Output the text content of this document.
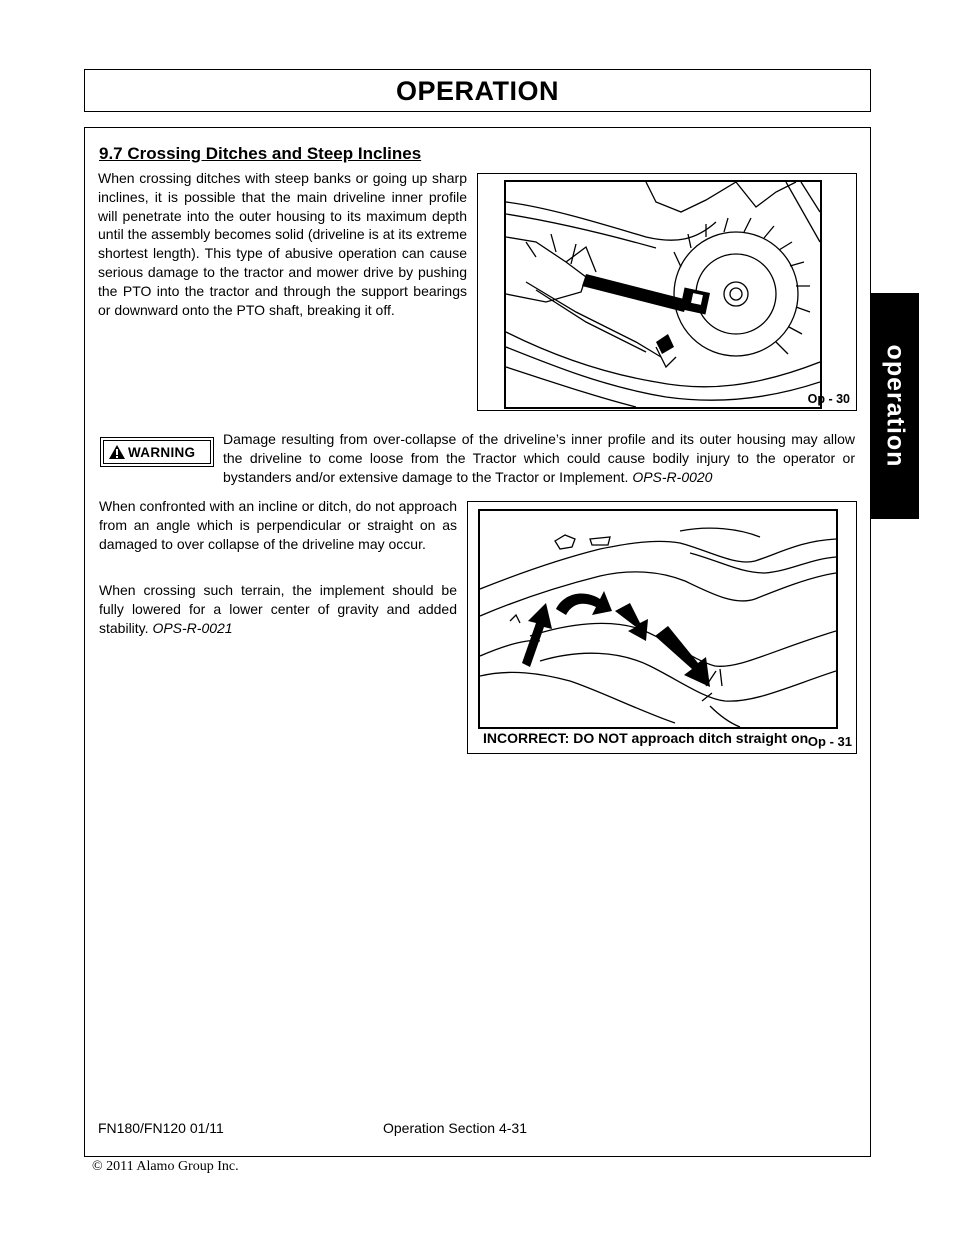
OPERATION
9.7 Crossing Ditches and Steep Inclines

When crossing ditches with steep banks or going up sharp inclines, it is possible that the main driveline inner profile will penetrate into the outer housing to its maximum depth until the assembly becomes solid (driveline is at its extreme shortest length). This type of abusive operation can cause serious damage to the tractor and mower drive by pushing the PTO into the tractor and through the support bearings or downward onto the PTO shaft, breaking it off.

Op - 30
WARNING

Damage resulting from over-collapse of the driveline’s inner profile and its outer housing may allow the driveline to come loose from the Tractor which could cause bodily injury to the operator or bystanders and/or extensive damage to the Tractor or Implement. OPS-R-0020

When confronted with an incline or ditch, do not approach from an angle which is perpendicular or straight on as damaged to over collapse of the driveline may occur.

When crossing such terrain, the implement should be fully lowered for a lower center of gravity and added stability. OPS-R-0021

Op - 31
INCORRECT: DO NOT approach ditch straight on
operation
FN180/FN120 01/11	Operation Section 4-31
© 2011 Alamo Group Inc.
